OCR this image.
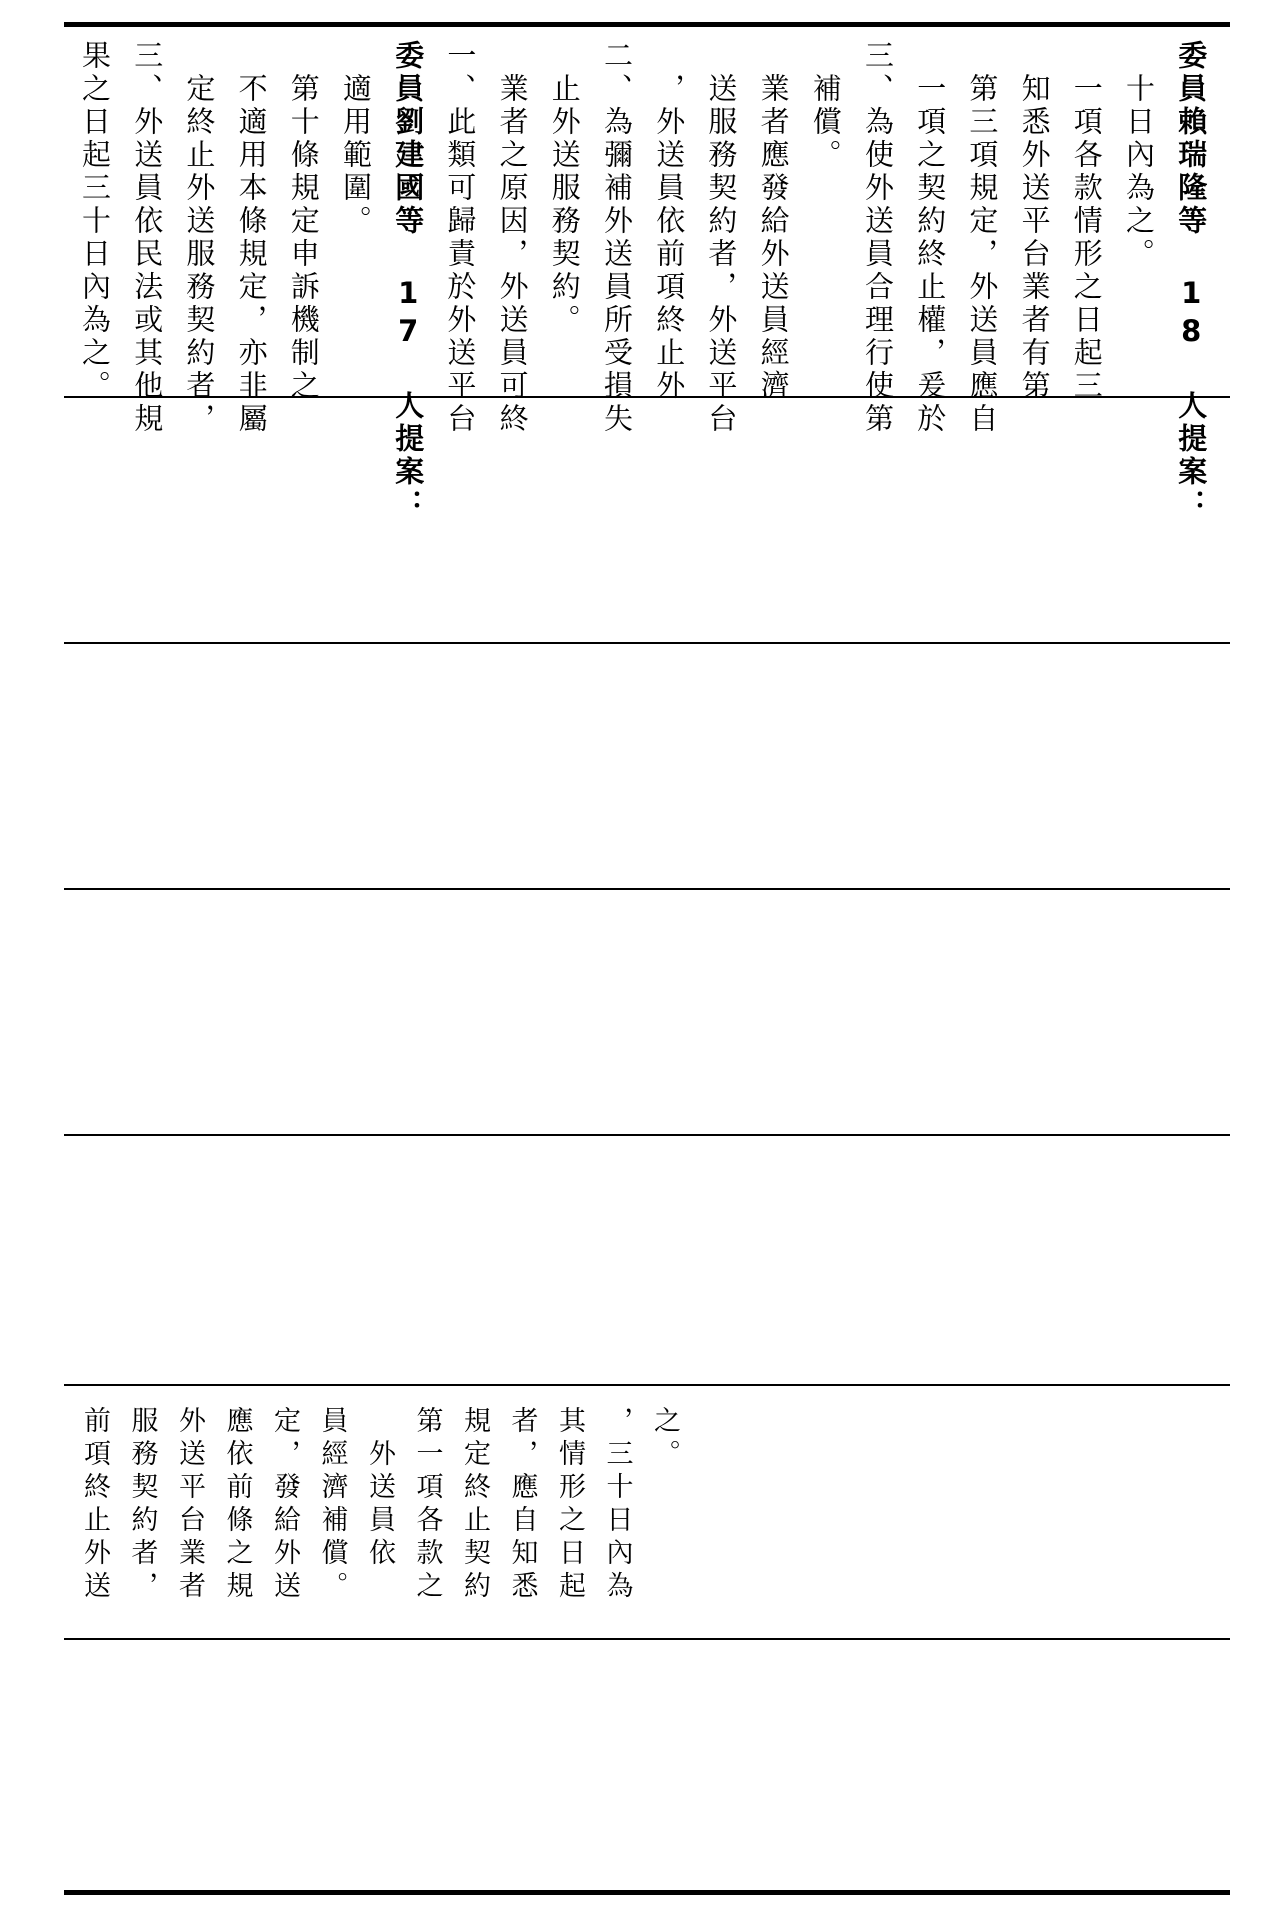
果之日起三十日內為之。 三、外送員依民法或其他規 　定終止外送服務契約者， 　不適用本條規定，亦非屬 　第十條規定申訴機制之 　適用範圍。 委員劉建國等 17 人提案： 一、此類可歸責於外送平台 　業者之原因，外送員可終 　止外送服務契約。 二、為彌補外送員所受損失 　，外送員依前項終止外 　送服務契約者，外送平台 　業者應發給外送員經濟 　補償。 三、為使外送員合理行使第 　一項之契約終止權，爰於 　第三項規定，外送員應自 　知悉外送平台業者有第 　一項各款情形之日起三 　十日內為之。 委員賴瑞隆等 18 人提案：
前項終止外送 服務契約者， 外送平台業者 應依前條之規 定，發給外送 員經濟補償。 　外送員依 第一項各款之 規定終止契約 者，應自知悉 其情形之日起 ，三十日內為 之。
